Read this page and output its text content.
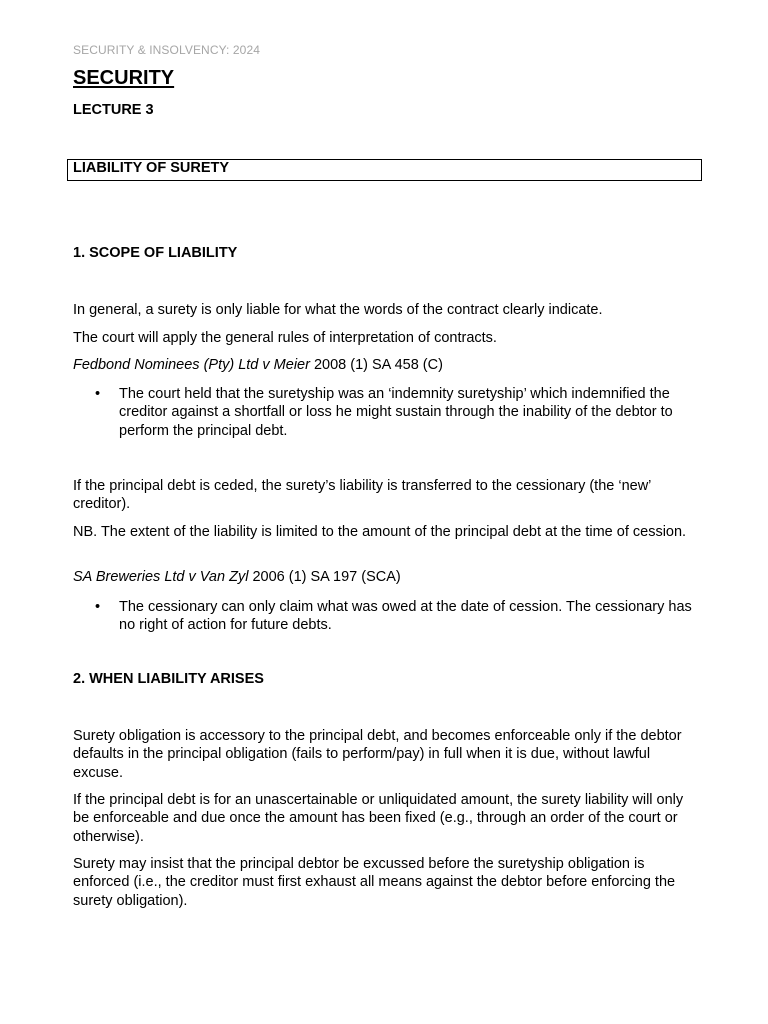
SECURITY & INSOLVENCY: 2024
SECURITY
LECTURE 3
LIABILITY OF SURETY
1. SCOPE OF LIABILITY
In general, a surety is only liable for what the words of the contract clearly indicate.
The court will apply the general rules of interpretation of contracts.
Fedbond Nominees (Pty) Ltd v Meier 2008 (1) SA 458 (C)
• The court held that the suretyship was an ‘indemnity suretyship’ which indemnified the creditor against a shortfall or loss he might sustain through the inability of the debtor to perform the principal debt.
If the principal debt is ceded, the surety’s liability is transferred to the cessionary (the ‘new’ creditor).
NB. The extent of the liability is limited to the amount of the principal debt at the time of cession.
SA Breweries Ltd v Van Zyl 2006 (1) SA 197 (SCA)
• The cessionary can only claim what was owed at the date of cession. The cessionary has no right of action for future debts.
2. WHEN LIABILITY ARISES
Surety obligation is accessory to the principal debt, and becomes enforceable only if the debtor defaults in the principal obligation (fails to perform/pay) in full when it is due, without lawful excuse.
If the principal debt is for an unascertainable or unliquidated amount, the surety liability will only be enforceable and due once the amount has been fixed (e.g., through an order of the court or otherwise).
Surety may insist that the principal debtor be excussed before the suretyship obligation is enforced (i.e., the creditor must first exhaust all means against the debtor before enforcing the surety obligation).
